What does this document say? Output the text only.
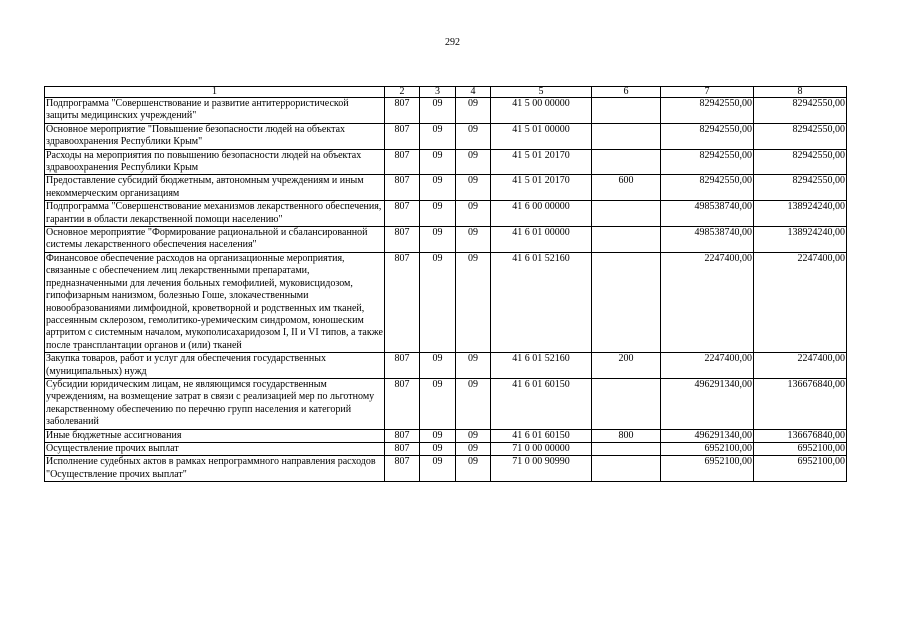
292
1	2	3	4	5	6	7	8
Подпрограмма "Совершенствование и развитие антитеррористической защиты медицинских учреждений"	807	09	09	41 5 00 00000		82942550,00	82942550,00
Основное мероприятие "Повышение безопасности людей на объектах здравоохранения Республики Крым"	807	09	09	41 5 01 00000		82942550,00	82942550,00
Расходы на мероприятия по повышению безопасности людей на объектах здравоохранения Республики Крым	807	09	09	41 5 01 20170		82942550,00	82942550,00
Предоставление субсидий бюджетным, автономным учреждениям и иным некоммерческим организациям	807	09	09	41 5 01 20170	600	82942550,00	82942550,00
Подпрограмма "Совершенствование механизмов лекарственного обеспечения, гарантии в области лекарственной помощи населению"	807	09	09	41 6 00 00000		498538740,00	138924240,00
Основное мероприятие "Формирование рациональной и сбалансированной системы лекарственного обеспечения населения"	807	09	09	41 6 01 00000		498538740,00	138924240,00
Финансовое обеспечение расходов на организационные мероприятия, связанные с обеспечением лиц лекарственными препаратами, предназначенными для лечения больных гемофилией, муковисцидозом, гипофизарным нанизмом, болезнью Гоше, злокачественными новообразованиями лимфоидной, кроветворной и родственных им тканей, рассеянным склерозом, гемолитико-уремическим синдромом, юношеским артритом с системным началом, мукополисахаридозом I, II и VI типов, а также после трансплантации органов и (или) тканей	807	09	09	41 6 01 52160		2247400,00	2247400,00
Закупка товаров, работ и услуг для обеспечения государственных (муниципальных) нужд	807	09	09	41 6 01 52160	200	2247400,00	2247400,00
Субсидии юридическим лицам, не являющимся государственным учреждениям, на возмещение затрат в связи с реализацией мер по льготному лекарственному обеспечению по перечню групп населения и категорий заболеваний	807	09	09	41 6 01 60150		496291340,00	136676840,00
Иные бюджетные ассигнования	807	09	09	41 6 01 60150	800	496291340,00	136676840,00
Осуществление прочих выплат	807	09	09	71 0 00 00000		6952100,00	6952100,00
Исполнение судебных актов в рамках непрограммного направления расходов "Осуществление прочих выплат"	807	09	09	71 0 00 90990		6952100,00	6952100,00
